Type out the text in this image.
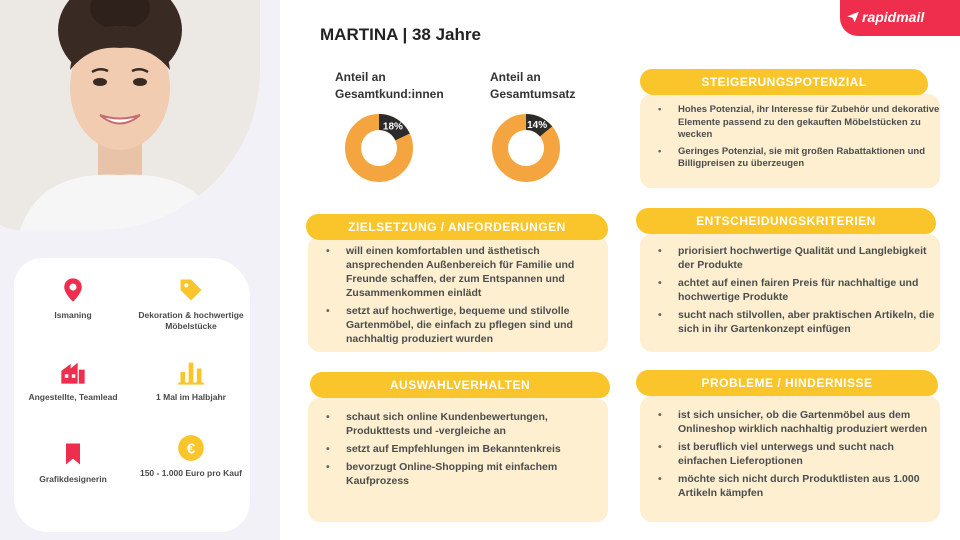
Ismaning	Dekoration & hochwertige Möbelstücke
Angestellte, Teamlead	1 Mal im Halbjahr
Grafikdesignerin
€
150 - 1.000 Euro pro Kauf
MARTINA | 38 Jahre
rapidmail
Anteil an Gesamtkund:innen
18%
Anteil an Gesamtumsatz
14%
• Hohes Potenzial, ihr Interesse für Zubehör und dekorative Elemente passend zu den gekauften Möbelstücken zu wecken
• Geringes Potenzial, sie mit großen Rabattaktionen und Billigpreisen zu überzeugen
STEIGERUNGSPOTENZIAL
• will einen komfortablen und ästhetisch ansprechenden Außenbereich für Familie und Freunde schaffen, der zum Entspannen und Zusammenkommen einlädt
• setzt auf hochwertige, bequeme und stilvolle Gartenmöbel, die einfach zu pflegen sind und nachhaltig produziert wurden
ZIELSETZUNG / ANFORDERUNGEN
• priorisiert hochwertige Qualität und Langlebigkeit der Produkte
• achtet auf einen fairen Preis für nachhaltige und hochwertige Produkte
• sucht nach stilvollen, aber praktischen Artikeln, die sich in ihr Gartenkonzept einfügen
ENTSCHEIDUNGSKRITERIEN
• schaut sich online Kundenbewertungen, Produkttests und -vergleiche an
• setzt auf Empfehlungen im Bekanntenkreis
• bevorzugt Online-Shopping mit einfachem Kaufprozess
AUSWAHLVERHALTEN
• ist sich unsicher, ob die Gartenmöbel aus dem Onlineshop wirklich nachhaltig produziert werden
• ist beruflich viel unterwegs und sucht nach einfachen Lieferoptionen
• möchte sich nicht durch Produktlisten aus 1.000 Artikeln kämpfen
PROBLEME / HINDERNISSE
